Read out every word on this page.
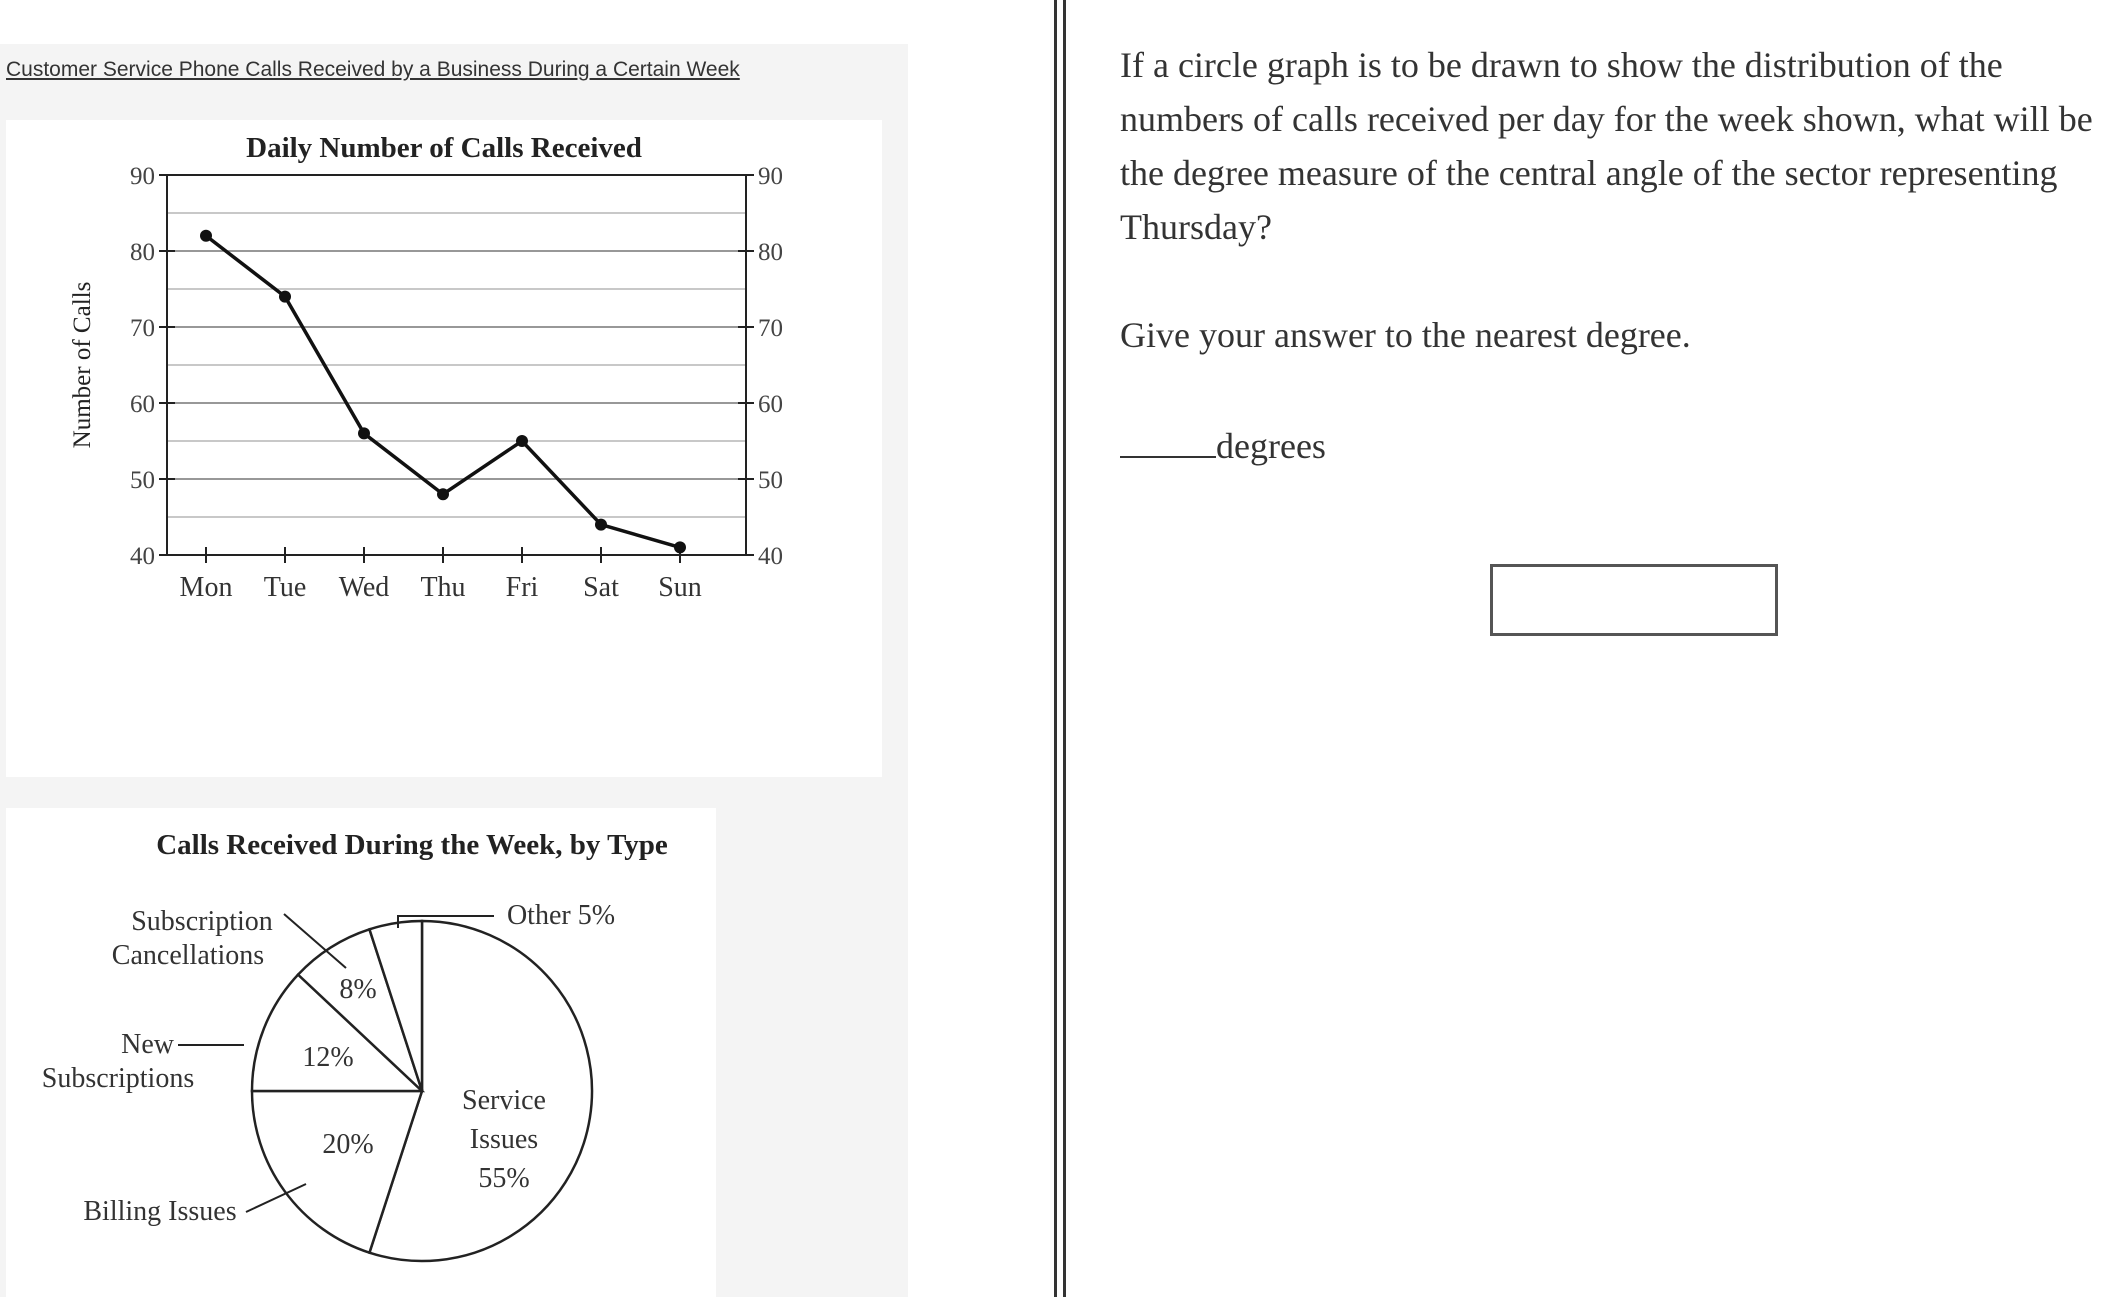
Customer Service Phone Calls Received by a Business During a Certain Week
Daily Number of Calls Received
Number of Calls
90	90
80	80
70	70
60	60
50	50
40	40
Mon Tue Wed Thu Fri Sat Sun
Calls Received During the Week, by Type
Service
Issues
55%
20%
12%
8%
Subscription
Cancellations
New
Subscriptions
Billing Issues
Other 5%

If a circle graph is to be drawn to show the distribution of the numbers of calls received per day for the week shown, what will be the degree measure of the central angle of the sector representing Thursday?

Give your answer to the nearest degree.

degrees
